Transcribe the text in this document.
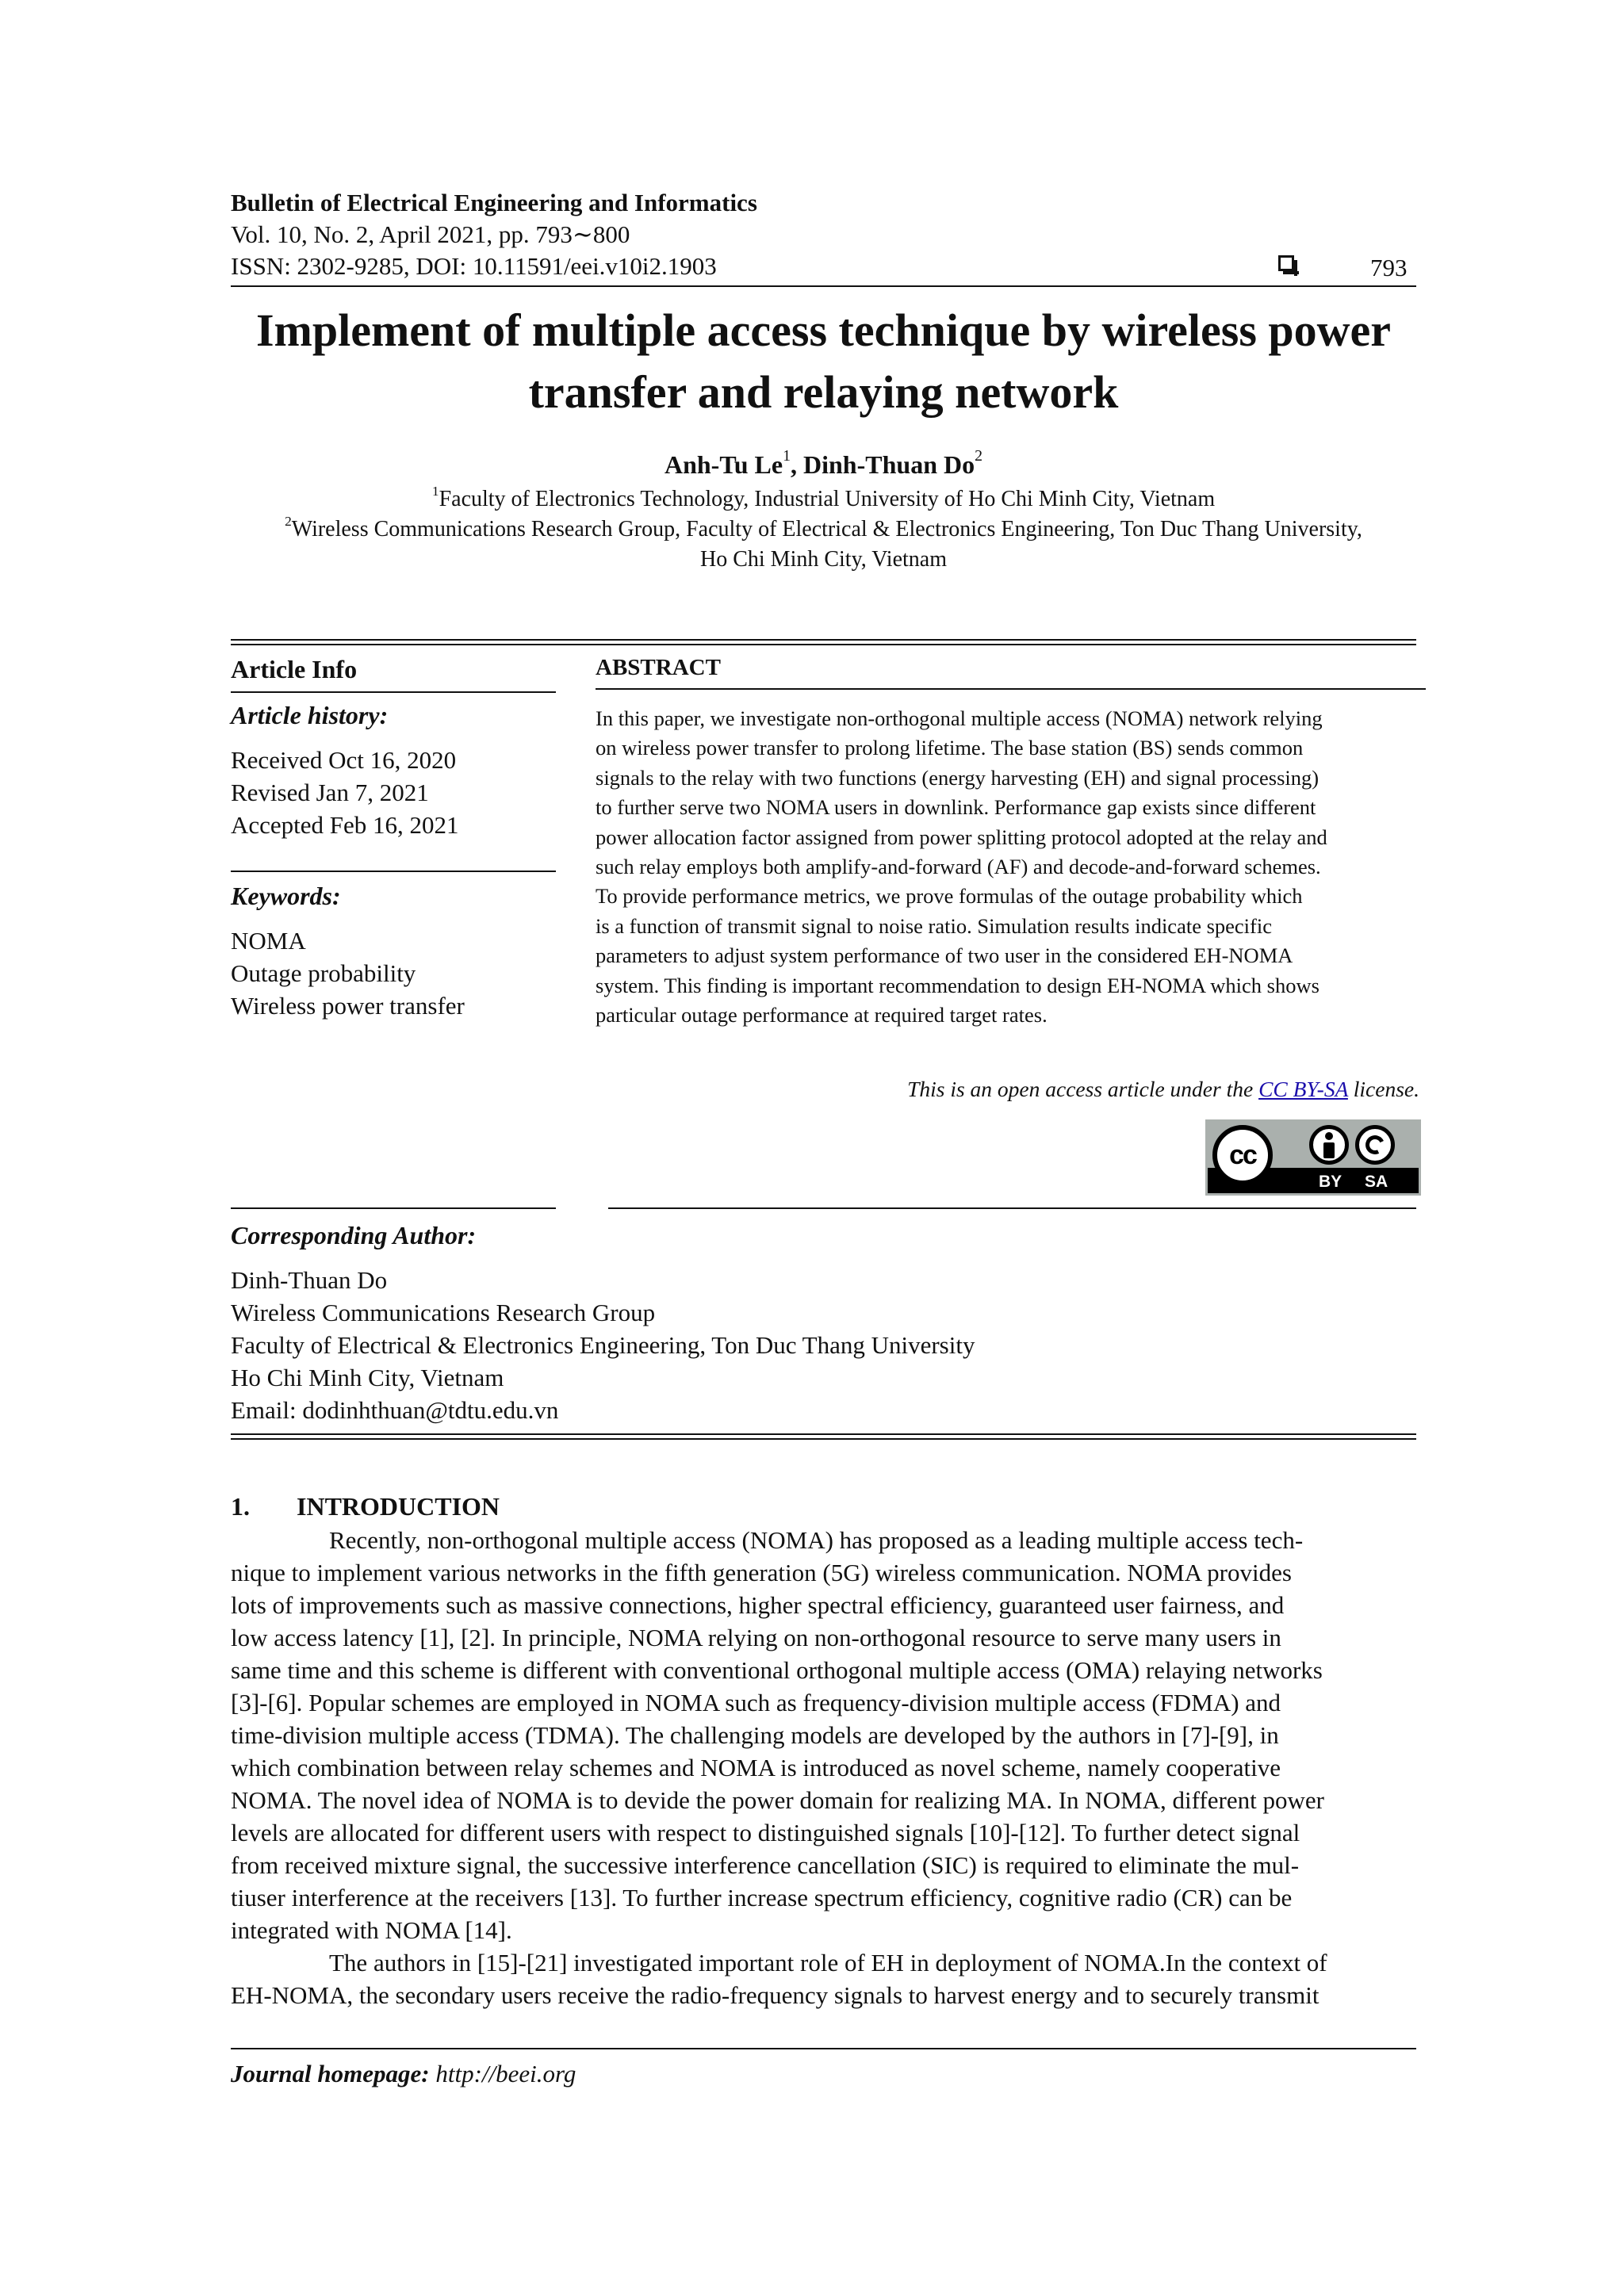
Bulletin of Electrical Engineering and Informatics
Vol. 10, No. 2, April 2021, pp. 793∼800
ISSN: 2302-9285, DOI: 10.11591/eei.v10i2.1903	793
Implement of multiple access technique by wireless power
transfer and relaying network
Anh-Tu Le$^1$, Dinh-Thuan Do$^2$
$^1$Faculty of Electronics Technology, Industrial University of Ho Chi Minh City, Vietnam
$^2$Wireless Communications Research Group, Faculty of Electrical & Electronics Engineering, Ton Duc Thang University,
Ho Chi Minh City, Vietnam
Article Info
Article history:
Received Oct 16, 2020
Revised Jan 7, 2021
Accepted Feb 16, 2021
Keywords:
NOMA
Outage probability
Wireless power transfer
ABSTRACT
In this paper, we investigate non-orthogonal multiple access (NOMA) network relying
on wireless power transfer to prolong lifetime. The base station (BS) sends common
signals to the relay with two functions (energy harvesting (EH) and signal processing)
to further serve two NOMA users in downlink. Performance gap exists since different
power allocation factor assigned from power splitting protocol adopted at the relay and
such relay employs both amplify-and-forward (AF) and decode-and-forward schemes.
To provide performance metrics, we prove formulas of the outage probability which
is a function of transmit signal to noise ratio. Simulation results indicate specific
parameters to adjust system performance of two user in the considered EH-NOMA
system. This finding is important recommendation to design EH-NOMA which shows
particular outage performance at required target rates.
This is an open access article under the CC BY-SA license.
cc
BY SA
Corresponding Author:
Dinh-Thuan Do
Wireless Communications Research Group
Faculty of Electrical & Electronics Engineering, Ton Duc Thang University
Ho Chi Minh City, Vietnam
Email: dodinhthuan@tdtu.edu.vn
1. INTRODUCTION
Recently, non-orthogonal multiple access (NOMA) has proposed as a leading multiple access tech-
nique to implement various networks in the fifth generation (5G) wireless communication. NOMA provides
lots of improvements such as massive connections, higher spectral efficiency, guaranteed user fairness, and
low access latency [1], [2]. In principle, NOMA relying on non-orthogonal resource to serve many users in
same time and this scheme is different with conventional orthogonal multiple access (OMA) relaying networks
[3]-[6]. Popular schemes are employed in NOMA such as frequency-division multiple access (FDMA) and
time-division multiple access (TDMA). The challenging models are developed by the authors in [7]-[9], in
which combination between relay schemes and NOMA is introduced as novel scheme, namely cooperative
NOMA. The novel idea of NOMA is to devide the power domain for realizing MA. In NOMA, different power
levels are allocated for different users with respect to distinguished signals [10]-[12]. To further detect signal
from received mixture signal, the successive interference cancellation (SIC) is required to eliminate the mul-
tiuser interference at the receivers [13]. To further increase spectrum efficiency, cognitive radio (CR) can be
integrated with NOMA [14].
The authors in [15]-[21] investigated important role of EH in deployment of NOMA.In the context of
EH-NOMA, the secondary users receive the radio-frequency signals to harvest energy and to securely transmit
Journal homepage: http://beei.org
